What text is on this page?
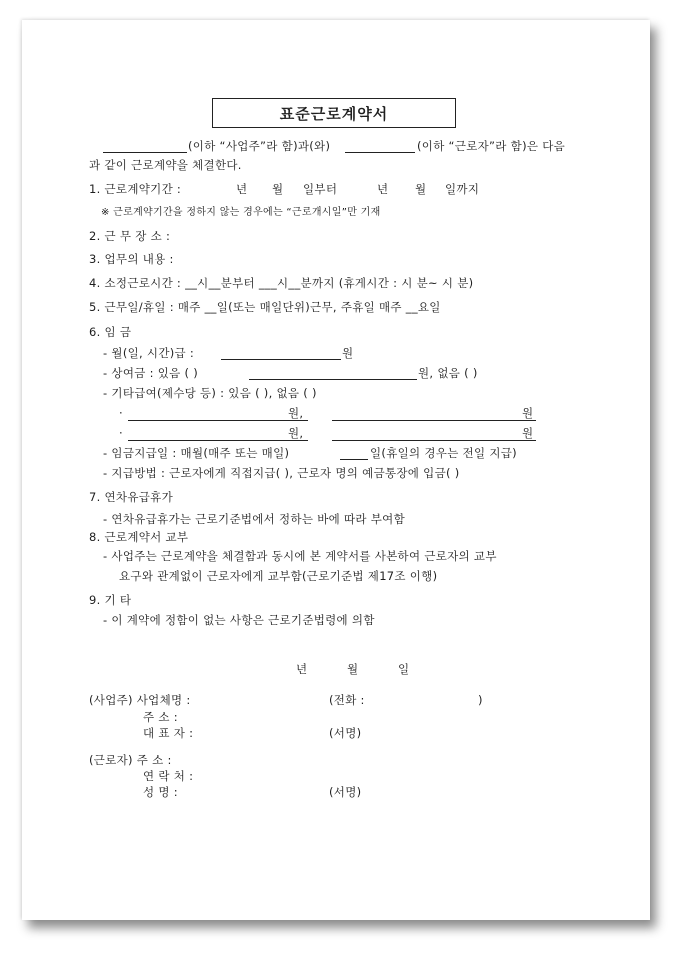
표준근로계약서
(이하 “사업주”라 함)과(와)	(이하 “근로자”라 함)은 다음
과 같이 근로계약을 체결한다.
1. 근로계약기간 :	년 월 일부터	년 월 일까지
※ 근로계약기간을 정하지 않는 경우에는 “근로개시일”만 기재
2. 근 무 장 소 :
3. 업무의 내용 :
4. 소정근로시간 : __시__분부터 ___시__분까지 (휴게시간 : 시 분~ 시 분)
5. 근무일/휴일 : 매주 __일(또는 매일단위)근무, 주휴일 매주 __요일
6. 임 금
- 월(일, 시간)급 :	원
- 상여금 : 있음 ( )	원, 없음 ( )
- 기타급여(제수당 등) : 있음 ( ), 없음 ( )
·	원,	원
·	원,	원
- 임금지급일 : 매월(매주 또는 매일)	일(휴일의 경우는 전일 지급)
- 지급방법 : 근로자에게 직접지급( ), 근로자 명의 예금통장에 입금( )
7. 연차유급휴가
- 연차유급휴가는 근로기준법에서 정하는 바에 따라 부여함
8. 근로계약서 교부
- 사업주는 근로계약을 체결함과 동시에 본 계약서를 사본하여 근로자의 교부
요구와 관계없이 근로자에게 교부함(근로기준법 제17조 이행)
9. 기 타
- 이 계약에 정함이 없는 사항은 근로기준법령에 의함
년	월	일
(사업주) 사업체명 :	(전화 :	)
주 소 :
대 표 자 :	(서명)
(근로자) 주 소 :
연 락 처 :
성 명 :	(서명)
